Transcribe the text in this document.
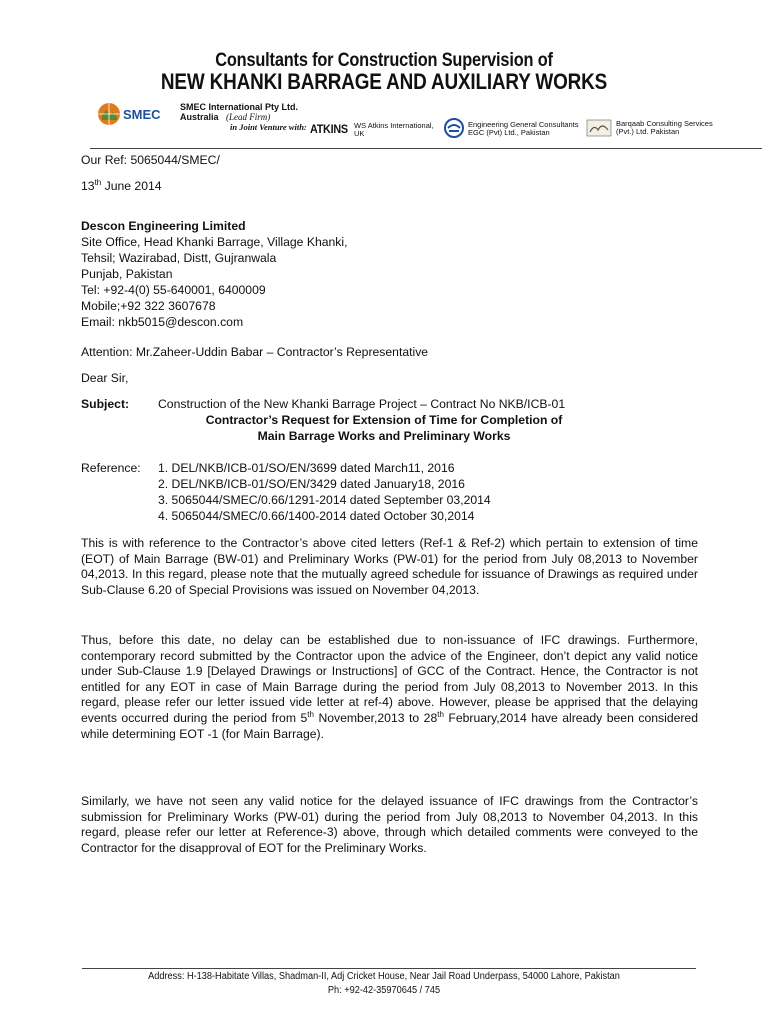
Consultants for Construction Supervision of
NEW KHANKI BARRAGE AND AUXILIARY WORKS
SMEC SMEC International Pty Ltd.
Australia (Lead Firm)
in Joint Venture with: ATKINS WS Atkins International,
UK
Engineering General Consultants
EGC (Pvt) Ltd., Pakistan
Barqaab Consulting Services
(Pvt.) Ltd. Pakistan
Our Ref: 5065044/SMEC/
13th June 2014
Descon Engineering Limited
Site Office, Head Khanki Barrage, Village Khanki,
Tehsil; Wazirabad, Distt, Gujranwala
Punjab, Pakistan
Tel: +92-4(0) 55-640001, 6400009
Mobile;+92 322 3607678
Email: nkb5015@descon.com
Attention: Mr.Zaheer-Uddin Babar – Contractor’s Representative
Dear Sir,
Subject: Construction of the New Khanki Barrage Project – Contract No NKB/ICB-01
Contractor’s Request for Extension of Time for Completion of
Main Barrage Works and Preliminary Works
Reference: 1. DEL/NKB/ICB-01/SO/EN/3699 dated March11, 2016
2. DEL/NKB/ICB-01/SO/EN/3429 dated January18, 2016
3. 5065044/SMEC/0.66/1291-2014 dated September 03,2014
4. 5065044/SMEC/0.66/1400-2014 dated October 30,2014
This is with reference to the Contractor’s above cited letters (Ref-1 & Ref-2) which pertain to extension of time (EOT) of Main Barrage (BW-01) and Preliminary Works (PW-01) for the period from July 08,2013 to November 04,2013. In this regard, please note that the mutually agreed schedule for issuance of Drawings as required under Sub-Clause 6.20 of Special Provisions was issued on November 04,2013.
Thus, before this date, no delay can be established due to non-issuance of IFC drawings. Furthermore, contemporary record submitted by the Contractor upon the advice of the Engineer, don’t depict any valid notice under Sub-Clause 1.9 [Delayed Drawings or Instructions] of GCC of the Contract. Hence, the Contractor is not entitled for any EOT in case of Main Barrage during the period from July 08,2013 to November 2013. In this regard, please refer our letter issued vide letter at ref-4) above. However, please be apprised that the delaying events occurred during the period from 5th November,2013 to 28th February,2014 have already been considered while determining EOT -1 (for Main Barrage).
Similarly, we have not seen any valid notice for the delayed issuance of IFC drawings from the Contractor’s submission for Preliminary Works (PW-01) during the period from July 08,2013 to November 04,2013. In this regard, please refer our letter at Reference-3) above, through which detailed comments were conveyed to the Contractor for the disapproval of EOT for the Preliminary Works.
Address: H-138-Habitate Villas, Shadman-II, Adj Cricket House, Near Jail Road Underpass, 54000 Lahore, Pakistan
Ph: +92-42-35970645 / 745
